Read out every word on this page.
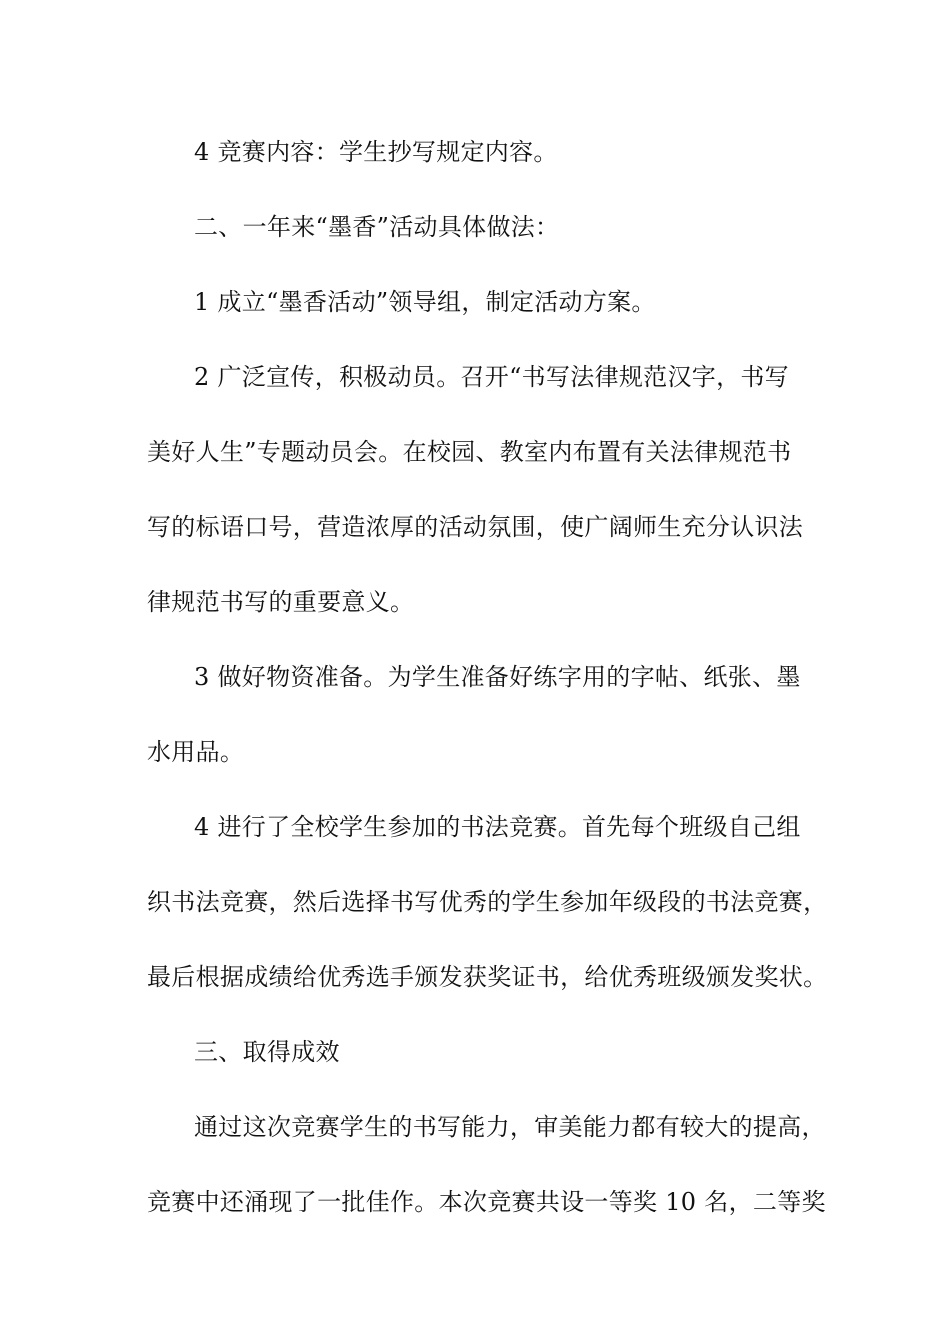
4 竞赛内容：学生抄写规定内容。
二、一年来“墨香”活动具体做法：
1 成立“墨香活动”领导组，制定活动方案。
2 广泛宣传，积极动员。召开“书写法律规范汉字，书写
美好人生”专题动员会。在校园、教室内布置有关法律规范书
写的标语口号，营造浓厚的活动氛围，使广阔师生充分认识法
律规范书写的重要意义。
3 做好物资准备。为学生准备好练字用的字帖、纸张、墨
水用品。
4 进行了全校学生参加的书法竞赛。首先每个班级自己组
织书法竞赛，然后选择书写优秀的学生参加年级段的书法竞赛，
最后根据成绩给优秀选手颁发获奖证书，给优秀班级颁发奖状。
三、取得成效
通过这次竞赛学生的书写能力，审美能力都有较大的提高，
竞赛中还涌现了一批佳作。本次竞赛共设一等奖 10 名，二等奖
